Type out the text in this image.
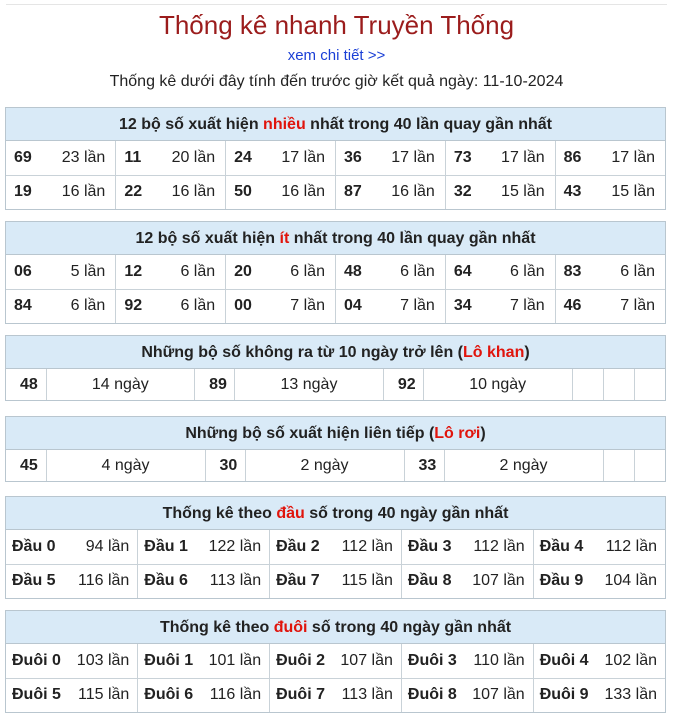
Thống kê nhanh Truyền Thống
xem chi tiết >>
Thống kê dưới đây tính đến trước giờ kết quả ngày: 11-10-2024
12 bộ số xuất hiện nhiều nhất trong 40 lần quay gần nhất
69	23 lần	11	20 lần	24	17 lần	36	17 lần	73	17 lần	86	17 lần
19	16 lần	22	16 lần	50	16 lần	87	16 lần	32	15 lần	43	15 lần
12 bộ số xuất hiện ít nhất trong 40 lần quay gần nhất
06	5 lần	12	6 lần	20	6 lần	48	6 lần	64	6 lần	83	6 lần
84	6 lần	92	6 lần	00	7 lần	04	7 lần	34	7 lần	46	7 lần
Những bộ số không ra từ 10 ngày trở lên (Lô khan)
48	14 ngày	89	13 ngày	92	10 ngày			
Những bộ số xuất hiện liên tiếp (Lô rơi)
45	4 ngày	30	2 ngày	33	2 ngày		
Thống kê theo đầu số trong 40 ngày gần nhất
Đầu 0	94 lần	Đầu 1	122 lần	Đầu 2	112 lần	Đầu 3	112 lần	Đầu 4	112 lần
Đầu 5	116 lần	Đầu 6	113 lần	Đầu 7	115 lần	Đầu 8	107 lần	Đầu 9	104 lần
Thống kê theo đuôi số trong 40 ngày gần nhất
Đuôi 0	103 lần	Đuôi 1	101 lần	Đuôi 2	107 lần	Đuôi 3	110 lần	Đuôi 4	102 lần
Đuôi 5	115 lần	Đuôi 6	116 lần	Đuôi 7	113 lần	Đuôi 8	107 lần	Đuôi 9	133 lần
